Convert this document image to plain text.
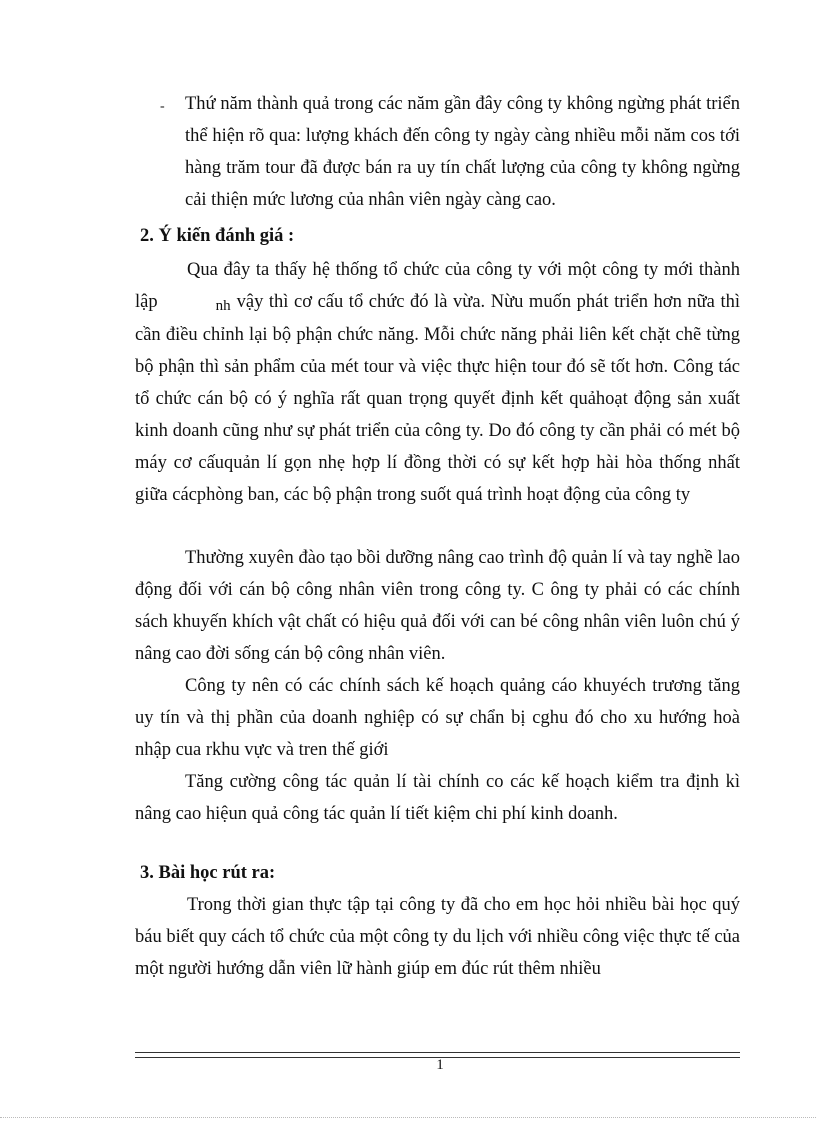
- Thứ năm thành quả trong các năm gần đây công ty không ngừng phát triển thể hiện rõ qua: lượng khách đến công ty ngày càng nhiều mỗi năm cos tới hàng trăm tour đã được bán ra uy tín chất lượng của công ty không ngừng cải thiện mức lương của nhân viên ngày càng cao.
2. Ý kiến đánh giá :
Qua đây ta thấy hệ thống tổ chức của công ty với một công ty mới thành lập	nh vậy thì cơ cấu tổ chức đó là vừa. Nừu muốn phát triển hơn nữa thì cần điều chỉnh lại bộ phận chức năng. Mỗi chức năng phải liên kết chặt chẽ từng bộ phận thì sản phẩm của mét tour và việc thực hiện tour đó sẽ tốt hơn. Công tác tổ chức cán bộ có ý nghĩa rất quan trọng quyết định kết quảhoạt động sản xuất kinh doanh cũng như sự phát triển của công ty. Do đó công ty cần phải có mét bộ máy cơ cấuquản lí gọn nhẹ hợp lí đồng thời có sự kết hợp hài hòa thống nhất giữa cácphòng ban, các bộ phận trong suốt quá trình hoạt động của công ty
Thường xuyên đào tạo bồi dưỡng nâng cao trình độ quản lí và tay nghề lao động đối với cán bộ công nhân viên trong công ty. C ông ty phải có các chính sách khuyến khích vật chất có hiệu quả đối với can bé công nhân viên luôn chú ý nâng cao đời sống cán bộ công nhân viên.
Công ty nên có các chính sách kế hoạch quảng cáo khuyéch trương tăng uy tín và thị phần của doanh nghiệp có sự chẩn bị cghu đó cho xu hướng hoà nhập cua rkhu vực và tren thế giới
Tăng cường công tác quản lí tài chính co các kế hoạch kiểm tra định kì nâng cao hiệun quả công tác quản lí tiết kiệm chi phí kinh doanh.
3. Bài học rút ra:
Trong thời gian thực tập tại công ty đã cho em học hỏi nhiều bài học quý báu biết quy cách tổ chức của một công ty du lịch với nhiều công việc thực tế của một người hướng dẫn viên lữ hành giúp em đúc rút thêm nhiều
1
